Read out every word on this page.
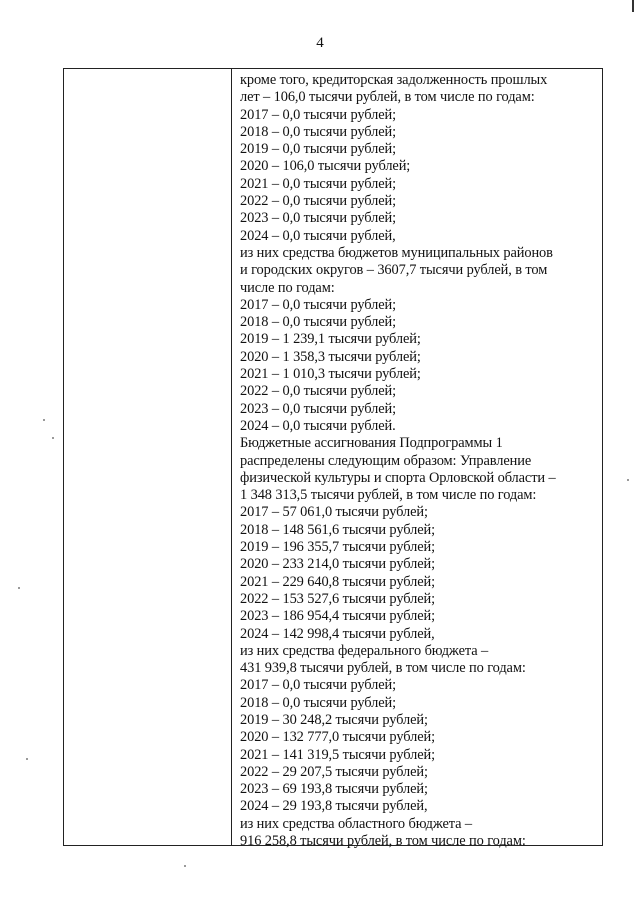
4
кроме того, кредиторская задолженность прошлых
лет – 106,0 тысячи рублей, в том числе по годам:
2017 – 0,0 тысячи рублей;
2018 – 0,0 тысячи рублей;
2019 – 0,0 тысячи рублей;
2020 – 106,0 тысячи рублей;
2021 – 0,0 тысячи рублей;
2022 – 0,0 тысячи рублей;
2023 – 0,0 тысячи рублей;
2024 – 0,0 тысячи рублей,
из них средства бюджетов муниципальных районов
и городских округов – 3607,7 тысячи рублей, в том
числе по годам:
2017 – 0,0 тысячи рублей;
2018 – 0,0 тысячи рублей;
2019 – 1 239,1 тысячи рублей;
2020 – 1 358,3 тысячи рублей;
2021 – 1 010,3 тысячи рублей;
2022 – 0,0 тысячи рублей;
2023 – 0,0 тысячи рублей;
2024 – 0,0 тысячи рублей.
Бюджетные ассигнования Подпрограммы 1
распределены следующим образом: Управление
физической культуры и спорта Орловской области –
1 348 313,5 тысячи рублей, в том числе по годам:
2017 – 57 061,0 тысячи рублей;
2018 – 148 561,6 тысячи рублей;
2019 – 196 355,7 тысячи рублей;
2020 – 233 214,0 тысячи рублей;
2021 – 229 640,8 тысячи рублей;
2022 – 153 527,6 тысячи рублей;
2023 – 186 954,4 тысячи рублей;
2024 – 142 998,4 тысячи рублей,
из них средства федерального бюджета –
431 939,8 тысячи рублей, в том числе по годам:
2017 – 0,0 тысячи рублей;
2018 – 0,0 тысячи рублей;
2019 – 30 248,2 тысячи рублей;
2020 – 132 777,0 тысячи рублей;
2021 – 141 319,5 тысячи рублей;
2022 – 29 207,5 тысячи рублей;
2023 – 69 193,8 тысячи рублей;
2024 – 29 193,8 тысячи рублей,
из них средства областного бюджета –
916 258,8 тысячи рублей, в том числе по годам:
